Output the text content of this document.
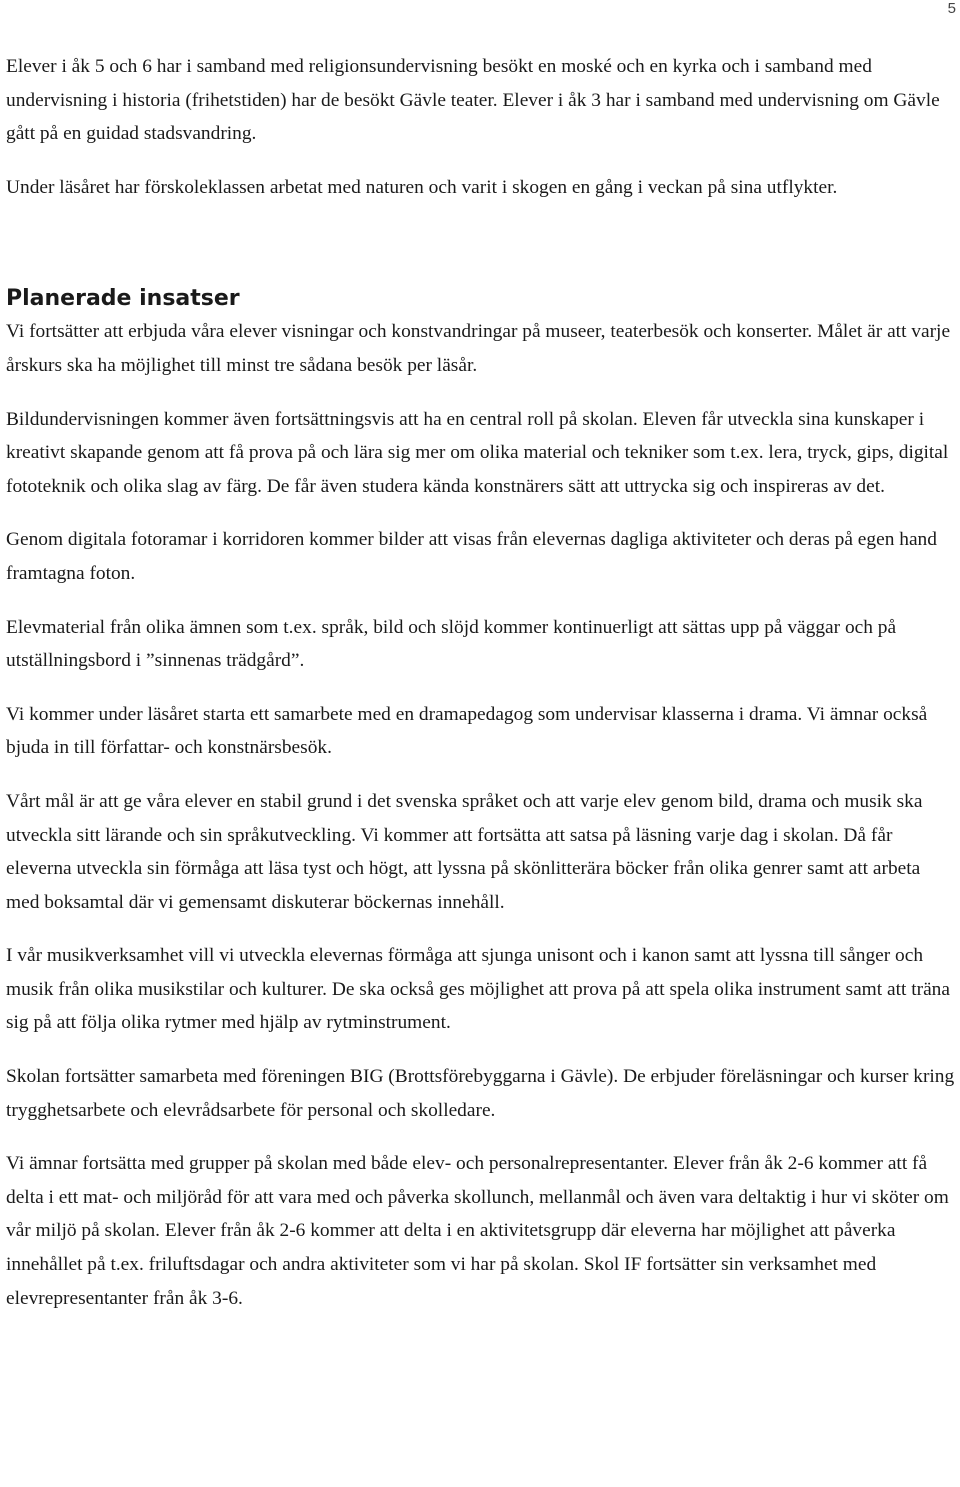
5

Elever i åk 5 och 6 har i samband med religionsundervisning besökt en moské och en kyrka och i samband med undervisning i historia (frihetstiden) har de besökt Gävle teater. Elever i åk 3 har i samband med undervisning om Gävle gått på en guidad stadsvandring.

Under läsåret har förskoleklassen arbetat med naturen och varit i skogen en gång i veckan på sina utflykter.

Planerade insatser

Vi fortsätter att erbjuda våra elever visningar och konstvandringar på museer, teaterbesök och konserter. Målet är att varje årskurs ska ha möjlighet till minst tre sådana besök per läsår.

Bildundervisningen kommer även fortsättningsvis att ha en central roll på skolan. Eleven får utveckla sina kunskaper i kreativt skapande genom att få prova på och lära sig mer om olika material och tekniker som t.ex. lera, tryck, gips, digital fototeknik och olika slag av färg. De får även studera kända konstnärers sätt att uttrycka sig och inspireras av det.

Genom digitala fotoramar i korridoren kommer bilder att visas från elevernas dagliga aktiviteter och deras på egen hand framtagna foton.

Elevmaterial från olika ämnen som t.ex. språk, bild och slöjd kommer kontinuerligt att sättas upp på väggar och på utställningsbord i ”sinnenas trädgård”.

Vi kommer under läsåret starta ett samarbete med en dramapedagog som undervisar klasserna i drama. Vi ämnar också bjuda in till författar- och konstnärsbesök.

Vårt mål är att ge våra elever en stabil grund i det svenska språket och att varje elev genom bild, drama och musik ska utveckla sitt lärande och sin språkutveckling. Vi kommer att fortsätta att satsa på läsning varje dag i skolan. Då får eleverna utveckla sin förmåga att läsa tyst och högt, att lyssna på skönlitterära böcker från olika genrer samt att arbeta med boksamtal där vi gemensamt diskuterar böckernas innehåll.

I vår musikverksamhet vill vi utveckla elevernas förmåga att sjunga unisont och i kanon samt att lyssna till sånger och musik från olika musikstilar och kulturer. De ska också ges möjlighet att prova på att spela olika instrument samt att träna sig på att följa olika rytmer med hjälp av rytminstrument.

Skolan fortsätter samarbeta med föreningen BIG (Brottsförebyggarna i Gävle). De erbjuder föreläsningar och kurser kring trygghetsarbete och elevrådsarbete för personal och skolledare.

Vi ämnar fortsätta med grupper på skolan med både elev- och personalrepresentanter. Elever från åk 2-6 kommer att få delta i ett mat- och miljöråd för att vara med och påverka skollunch, mellanmål och även vara deltaktig i hur vi sköter om vår miljö på skolan. Elever från åk 2-6 kommer att delta i en aktivitetsgrupp där eleverna har möjlighet att påverka innehållet på t.ex. friluftsdagar och andra aktiviteter som vi har på skolan. Skol IF fortsätter sin verksamhet med elevrepresentanter från åk 3-6.
